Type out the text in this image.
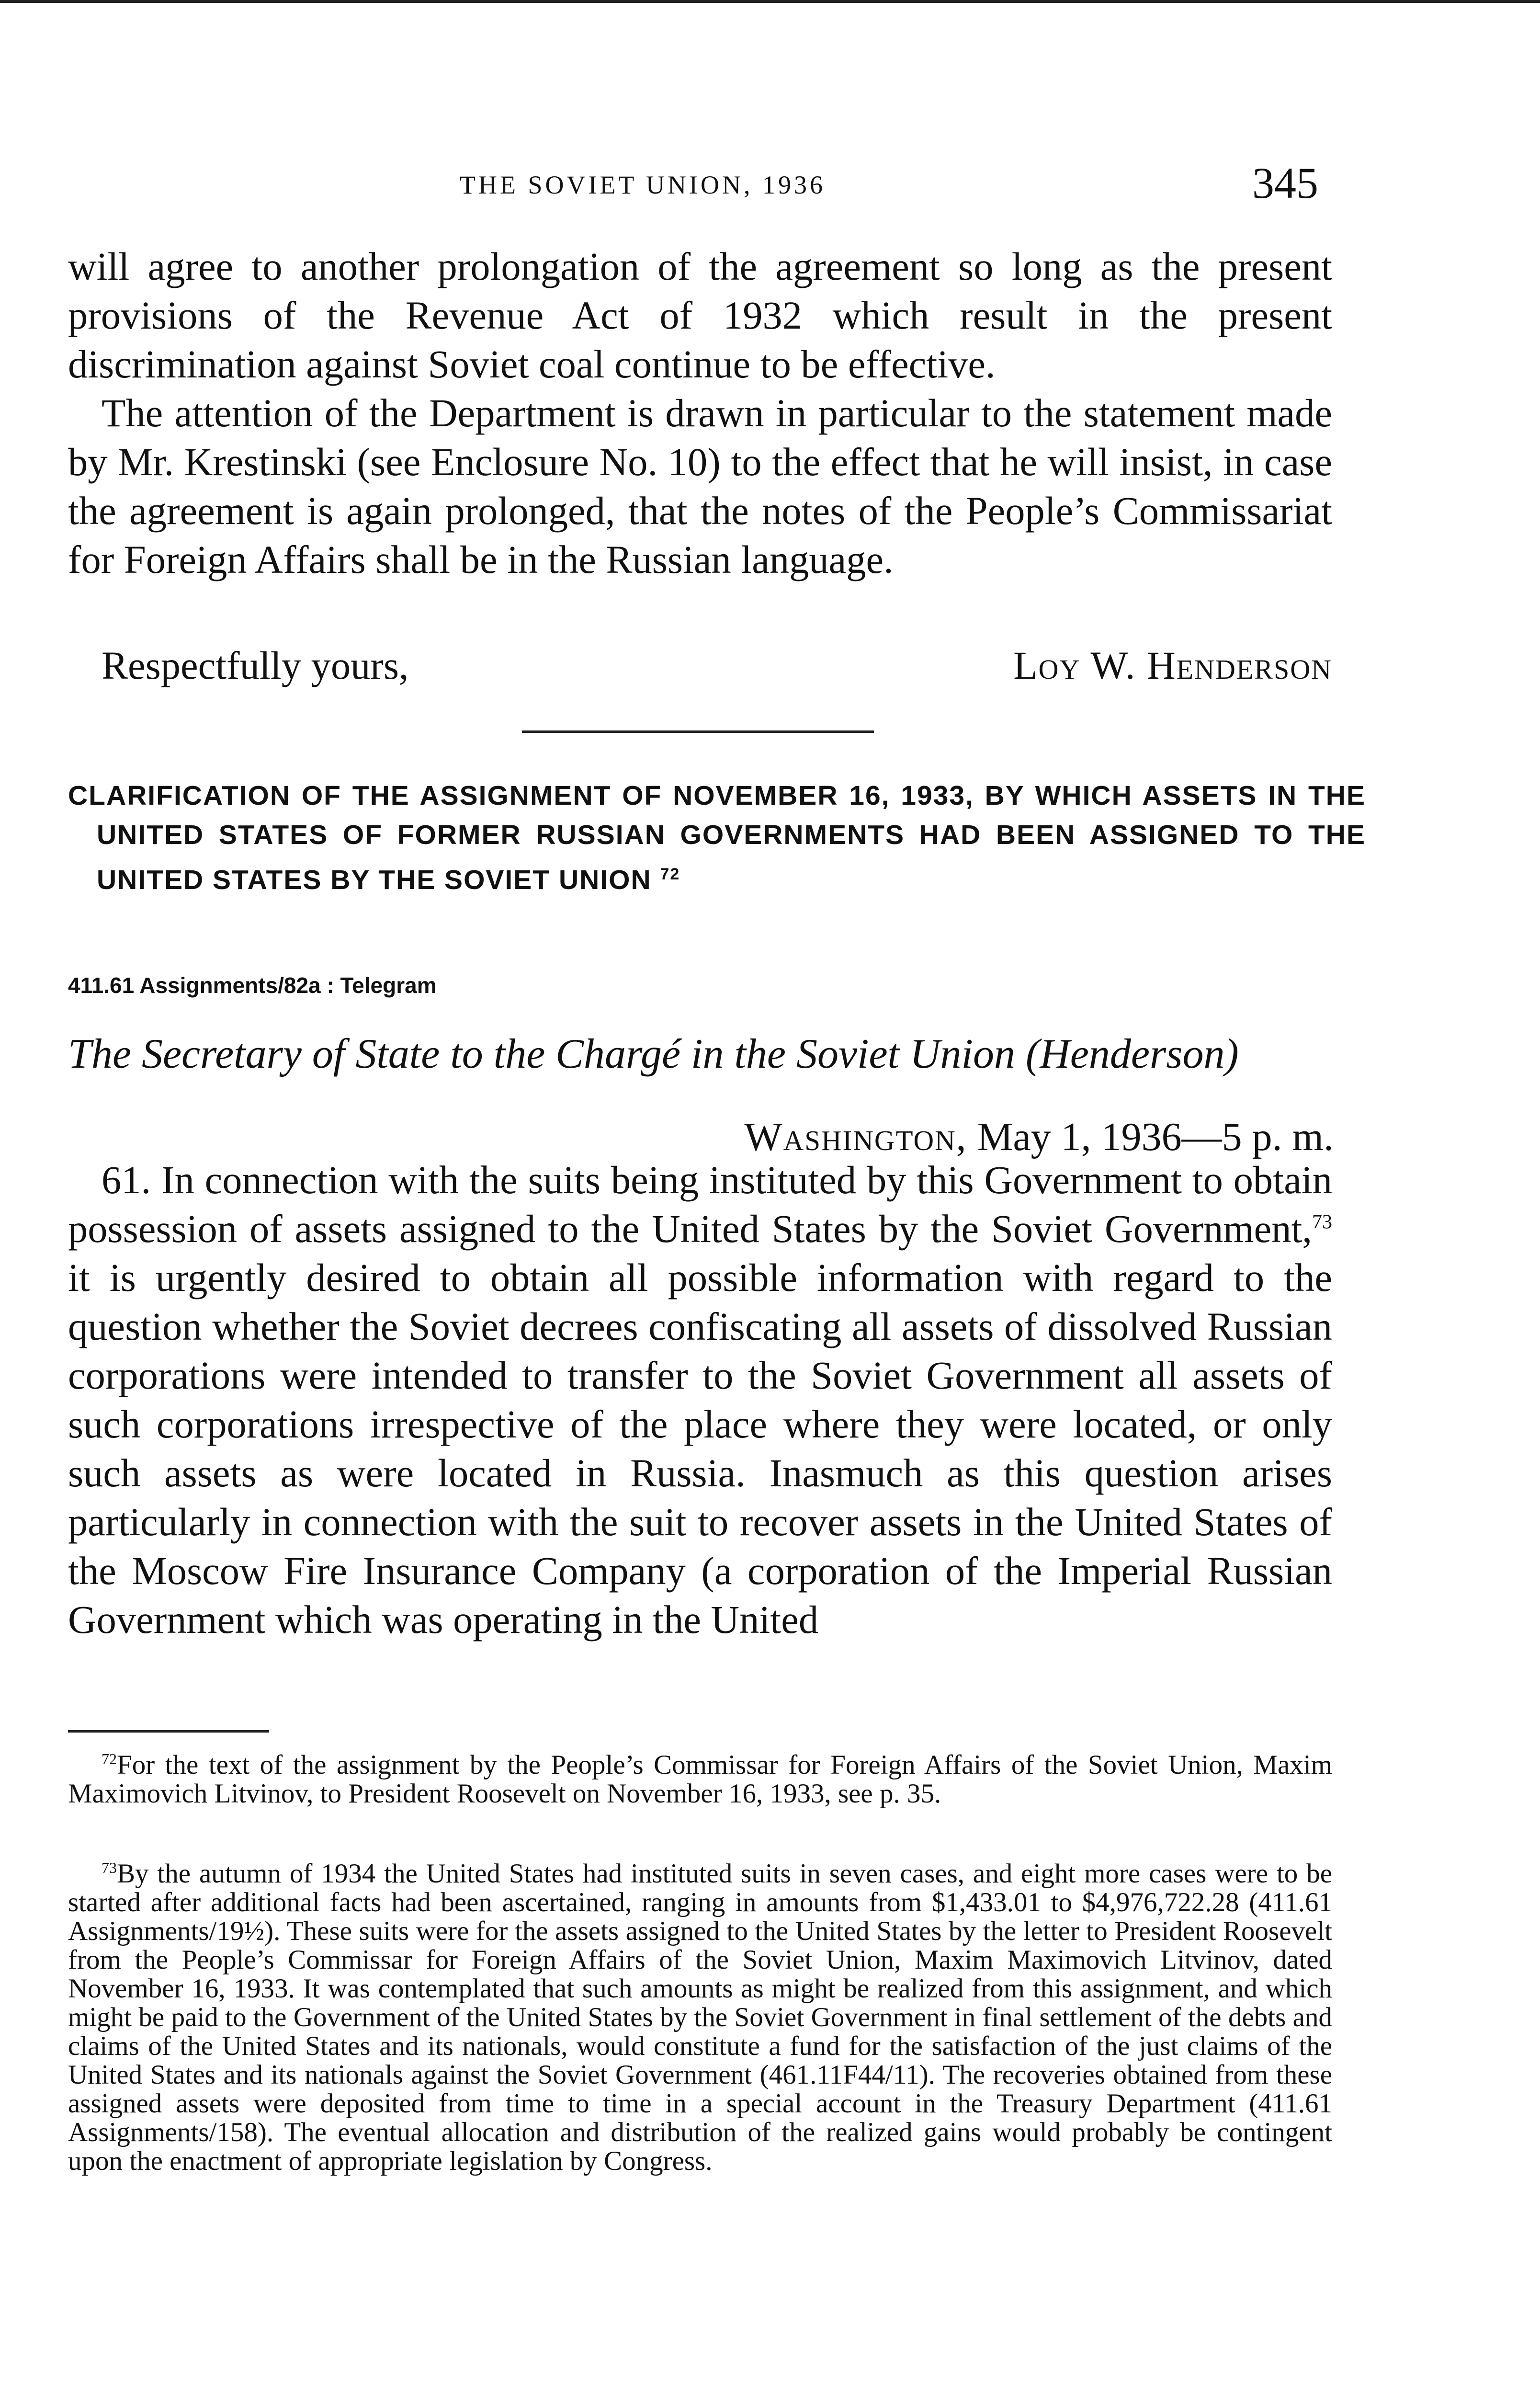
THE SOVIET UNION, 1936	345

will agree to another prolongation of the agreement so long as the present provisions of the Revenue Act of 1932 which result in the present discrimination against Soviet coal continue to be effective.

The attention of the Department is drawn in particular to the statement made by Mr. Krestinski (see Enclosure No. 10) to the effect that he will insist, in case the agreement is again prolonged, that the notes of the People’s Commissariat for Foreign Affairs shall be in the Russian language.

Respectfully yours,	Loy W. Henderson
CLARIFICATION OF THE ASSIGNMENT OF NOVEMBER 16, 1933, BY WHICH ASSETS IN THE UNITED STATES OF FORMER RUSSIAN GOVERNMENTS HAD BEEN ASSIGNED TO THE UNITED STATES BY THE SOVIET UNION $^{72}$

411.61 Assignments/82a : Telegram

The Secretary of State to the Chargé in the Soviet Union (Henderson)

Washington, May 1, 1936—5 p. m.

61. In connection with the suits being instituted by this Government to obtain possession of assets assigned to the United States by the Soviet Government,$^{73}$ it is urgently desired to obtain all possible information with regard to the question whether the Soviet decrees confiscating all assets of dissolved Russian corporations were intended to transfer to the Soviet Government all assets of such corporations irrespective of the place where they were located, or only such assets as were located in Russia. Inasmuch as this question arises particularly in connection with the suit to recover assets in the United States of the Moscow Fire Insurance Company (a corporation of the Imperial Russian Government which was operating in the United

$^{72}$For the text of the assignment by the People’s Commissar for Foreign Affairs of the Soviet Union, Maxim Maximovich Litvinov, to President Roosevelt on November 16, 1933, see p. 35.

$^{73}$By the autumn of 1934 the United States had instituted suits in seven cases, and eight more cases were to be started after additional facts had been ascertained, ranging in amounts from $1,433.01 to $4,976,722.28 (411.61 Assignments/19½). These suits were for the assets assigned to the United States by the letter to President Roosevelt from the People’s Commissar for Foreign Affairs of the Soviet Union, Maxim Maximovich Litvinov, dated November 16, 1933. It was contemplated that such amounts as might be realized from this assignment, and which might be paid to the Government of the United States by the Soviet Government in final settlement of the debts and claims of the United States and its nationals, would constitute a fund for the satisfaction of the just claims of the United States and its nationals against the Soviet Government (461.11F44/11). The recoveries obtained from these assigned assets were deposited from time to time in a special account in the Treasury Department (411.61 Assignments/158). The eventual allocation and distribution of the realized gains would probably be contingent upon the enactment of appropriate legislation by Congress.
